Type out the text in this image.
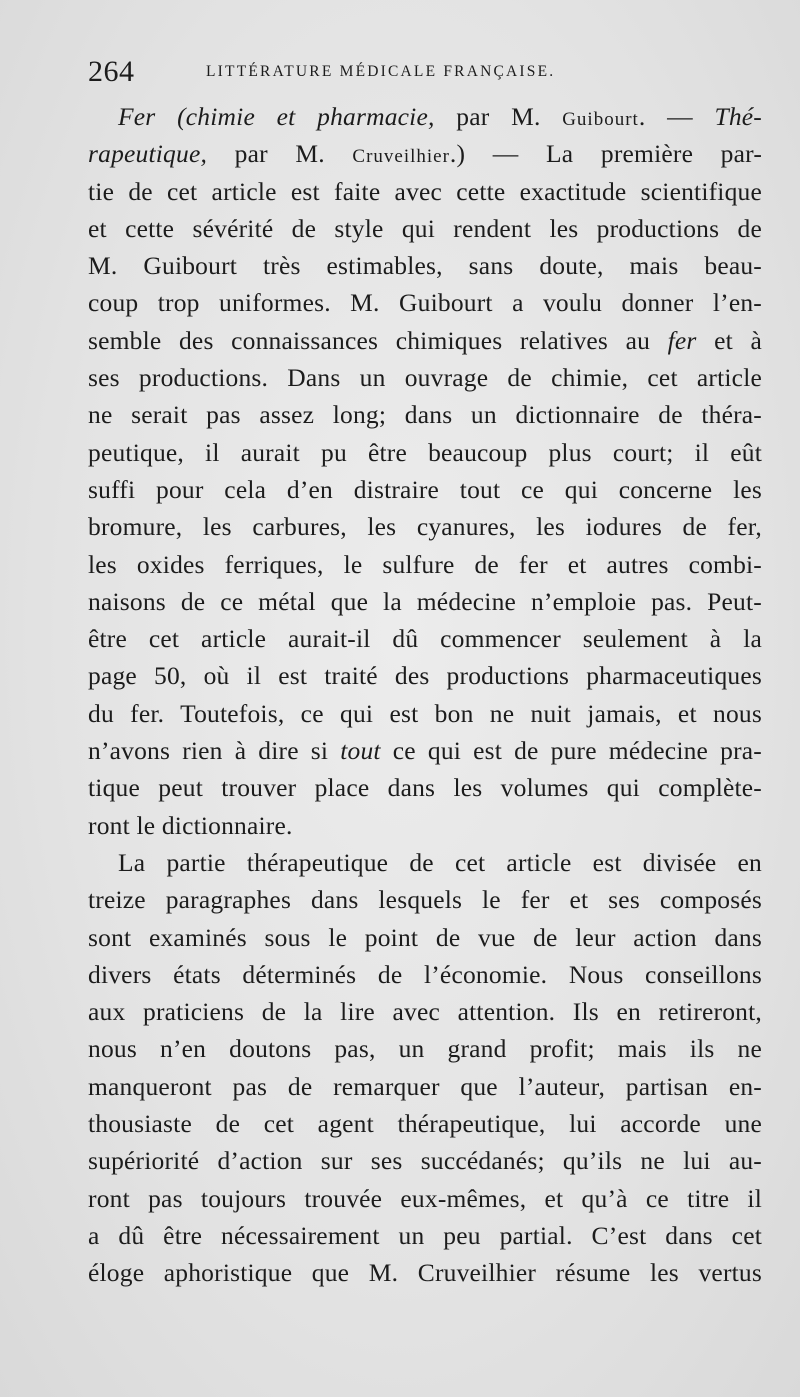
264	LITTÉRATURE MÉDICALE FRANÇAISE.
Fer (chimie et pharmacie, par M. Guibourt. — Thé-
rapeutique, par M. Cruveilhier.) — La première par-
tie de cet article est faite avec cette exactitude scientifique
et cette sévérité de style qui rendent les productions de
M. Guibourt très estimables, sans doute, mais beau-
coup trop uniformes. M. Guibourt a voulu donner l’en-
semble des connaissances chimiques relatives au fer et à
ses productions. Dans un ouvrage de chimie, cet article
ne serait pas assez long; dans un dictionnaire de théra-
peutique, il aurait pu être beaucoup plus court; il eût
suffi pour cela d’en distraire tout ce qui concerne les
bromure, les carbures, les cyanures, les iodures de fer,
les oxides ferriques, le sulfure de fer et autres combi-
naisons de ce métal que la médecine n’emploie pas. Peut-
être cet article aurait-il dû commencer seulement à la
page 50, où il est traité des productions pharmaceutiques
du fer. Toutefois, ce qui est bon ne nuit jamais, et nous
n’avons rien à dire si tout ce qui est de pure médecine pra-
tique peut trouver place dans les volumes qui complète-
ront le dictionnaire.
La partie thérapeutique de cet article est divisée en
treize paragraphes dans lesquels le fer et ses composés
sont examinés sous le point de vue de leur action dans
divers états déterminés de l’économie. Nous conseillons
aux praticiens de la lire avec attention. Ils en retireront,
nous n’en doutons pas, un grand profit; mais ils ne
manqueront pas de remarquer que l’auteur, partisan en-
thousiaste de cet agent thérapeutique, lui accorde une
supériorité d’action sur ses succédanés; qu’ils ne lui au-
ront pas toujours trouvée eux-mêmes, et qu’à ce titre il
a dû être nécessairement un peu partial. C’est dans cet
éloge aphoristique que M. Cruveilhier résume les vertus
